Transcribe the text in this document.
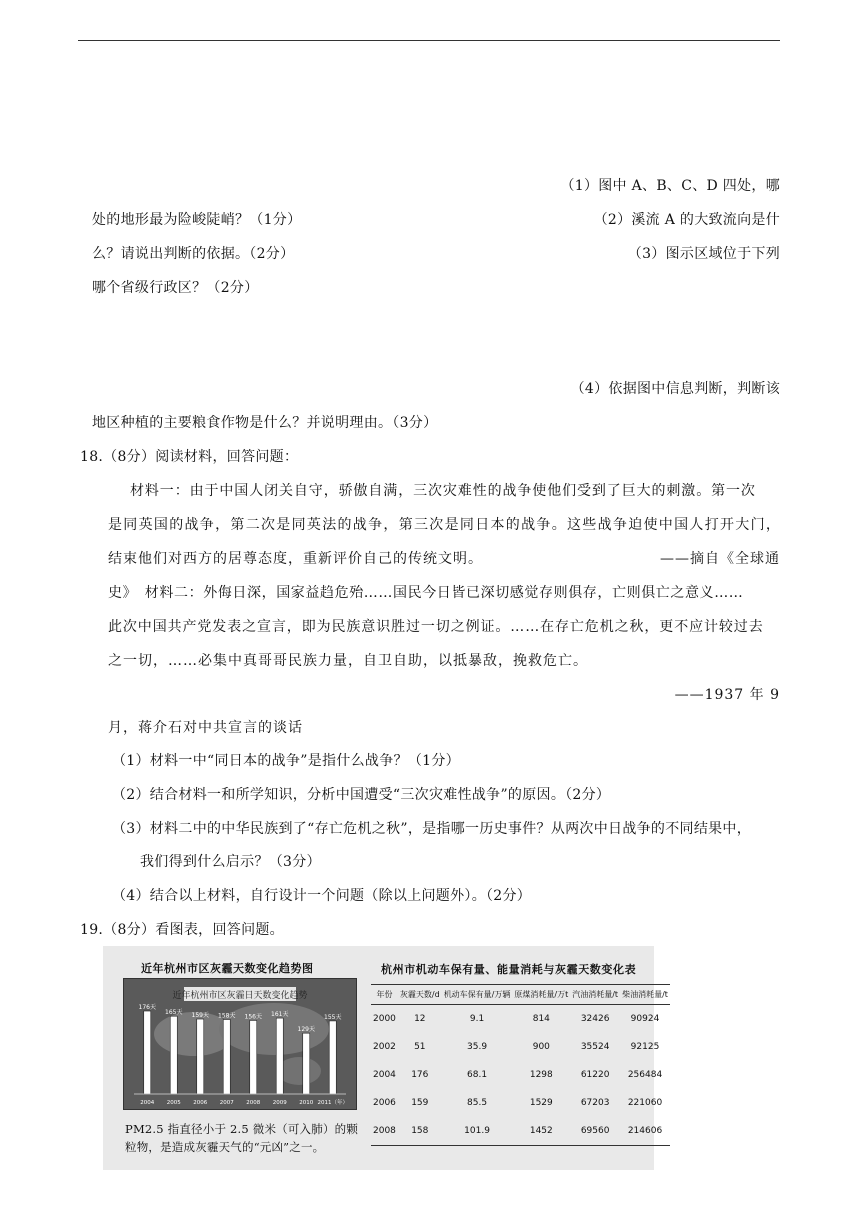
（1）图中 A、B、C、D 四处，哪
处的地形最为险峻陡峭？（1分）	（2）溪流 A 的大致流向是什
么？请说出判断的依据。（2分）	（3）图示区域位于下列
哪个省级行政区？（2分）
（4）依据图中信息判断，判断该
地区种植的主要粮食作物是什么？并说明理由。（3分）
18.（8分）阅读材料，回答问题：
材料一：由于中国人闭关自守，骄傲自满，三次灾难性的战争使他们受到了巨大的刺激。第一次
是同英国的战争，第二次是同英法的战争，第三次是同日本的战争。这些战争迫使中国人打开大门，
结束他们对西方的居尊态度，重新评价自己的传统文明。	——摘自《全球通
史》　材料二：外侮日深，国家益趋危殆……国民今日皆已深切感觉存则俱存，亡则俱亡之意义……
此次中国共产党发表之宣言，即为民族意识胜过一切之例证。……在存亡危机之秋，更不应计较过去
之一切，……必集中真哥哥民族力量，自卫自助，以抵暴敌，挽救危亡。
——1937 年 9
月，蒋介石对中共宣言的谈话
（1）材料一中“同日本的战争”是指什么战争？（1分）
（2）结合材料一和所学知识，分析中国遭受“三次灾难性战争”的原因。（2分）
（3）材料二中的中华民族到了“存亡危机之秋”，是指哪一历史事件？从两次中日战争的不同结果中，
我们得到什么启示？（3分）
（4）结合以上材料，自行设计一个问题（除以上问题外）。（2分）
19.（8分）看图表，回答问题。
近年杭州市区灰霾天数变化趋势图
近年杭州市区灰霾日天数变化趋势
176天
2004
165天
2005
159天
2006
158天
2007
156天
2008
161天
2009
129天
2010
155天
2011（年）
PM2.5 指直径小于 2.5 微米（可入肺）的颗
粒物，是造成灰霾天气的“元凶”之一。
杭州市机动车保有量、能量消耗与灰霾天数变化表
年份	灰霾天数/d	机动车保有量/万辆	原煤消耗量/万t	汽油消耗量/t	柴油消耗量/t
2000	12	9.1	814	32426	90924
2002	51	35.9	900	35524	92125
2004	176	68.1	1298	61220	256484
2006	159	85.5	1529	67203	221060
2008	158	101.9	1452	69560	214606
